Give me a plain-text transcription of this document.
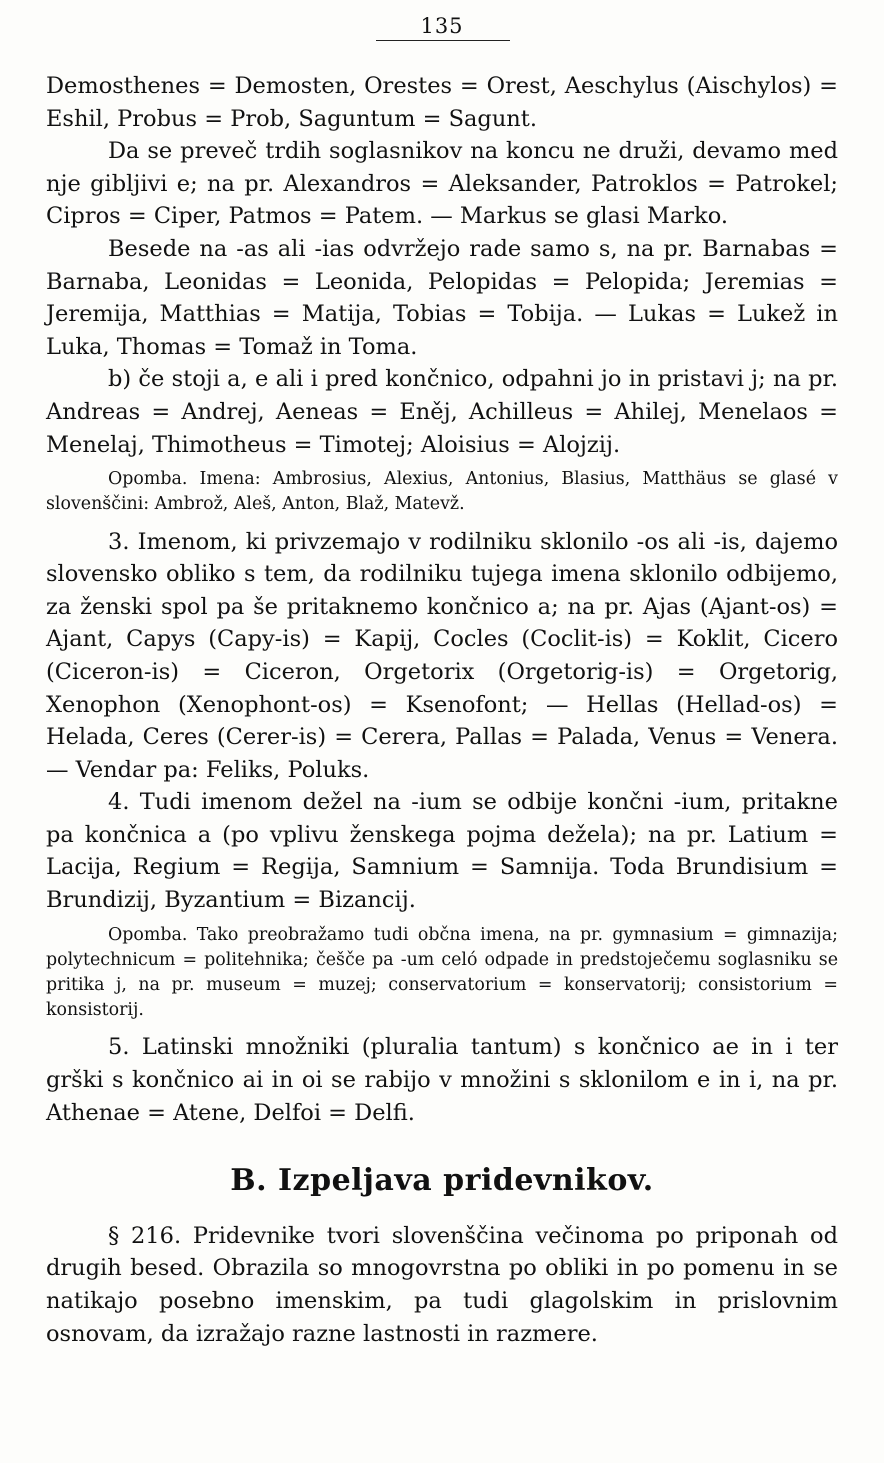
135

Demosthenes = Demosten, Orestes = Orest, Aeschylus (Aischylos) = Eshil, Probus = Prob, Saguntum = Sagunt.

Da se preveč trdih soglasnikov na koncu ne druži, devamo med nje gibljivi e; na pr. Alexandros = Aleksander, Patroklos = Patrokel; Cipros = Ciper, Patmos = Patem. — Markus se glasi Marko.

Besede na -as ali -ias odvržejo rade samo s, na pr. Barnabas = Barnaba, Leonidas = Leonida, Pelopidas = Pelopida; Jeremias = Jeremija, Matthias = Matija, Tobias = Tobija. — Lukas = Lukež in Luka, Thomas = Tomaž in Toma.

b) če stoji a, e ali i pred končnico, odpahni jo in pristavi j; na pr. Andreas = Andrej, Aeneas = Eněj, Achilleus = Ahilej, Menelaos = Menelaj, Thimotheus = Timotej; Aloisius = Alojzij.

Opomba. Imena: Ambrosius, Alexius, Antonius, Blasius, Matthäus se glasé v slovenščini: Ambrož, Aleš, Anton, Blaž, Matevž.

3. Imenom, ki privzemajo v rodilniku sklonilo -os ali -is, dajemo slovensko obliko s tem, da rodilniku tujega imena sklonilo odbijemo, za ženski spol pa še pritaknemo končnico a; na pr. Ajas (Ajant-os) = Ajant, Capys (Capy-is) = Kapij, Cocles (Coclit-is) = Koklit, Cicero (Ciceron-is) = Ciceron, Orgetorix (Orgetorig-is) = Orgetorig, Xenophon (Xenophont-os) = Ksenofont; — Hellas (Hellad-os) = Helada, Ceres (Cerer-is) = Cerera, Pallas = Palada, Venus = Venera. — Vendar pa: Feliks, Poluks.

4. Tudi imenom dežel na -ium se odbije končni -ium, pritakne pa končnica a (po vplivu ženskega pojma dežela); na pr. Latium = Lacija, Regium = Regija, Samnium = Samnija. Toda Brundisium = Brundizij, Byzantium = Bizancij.

Opomba. Tako preobražamo tudi občna imena, na pr. gymnasium = gimnazija; polytechnicum = politehnika; češče pa -um celó odpade in predstoječemu soglasniku se pritika j, na pr. museum = muzej; conservatorium = konservatorij; consistorium = konsistorij.

5. Latinski množniki (pluralia tantum) s končnico ae in i ter grški s končnico ai in oi se rabijo v množini s sklonilom e in i, na pr. Athenae = Atene, Delfoi = Delfi.

B. Izpeljava pridevnikov.

§ 216. Pridevnike tvori slovenščina večinoma po priponah od drugih besed. Obrazila so mnogovrstna po obliki in po pomenu in se natikajo posebno imenskim, pa tudi glagolskim in prislovnim osnovam, da izražajo razne lastnosti in razmere.
